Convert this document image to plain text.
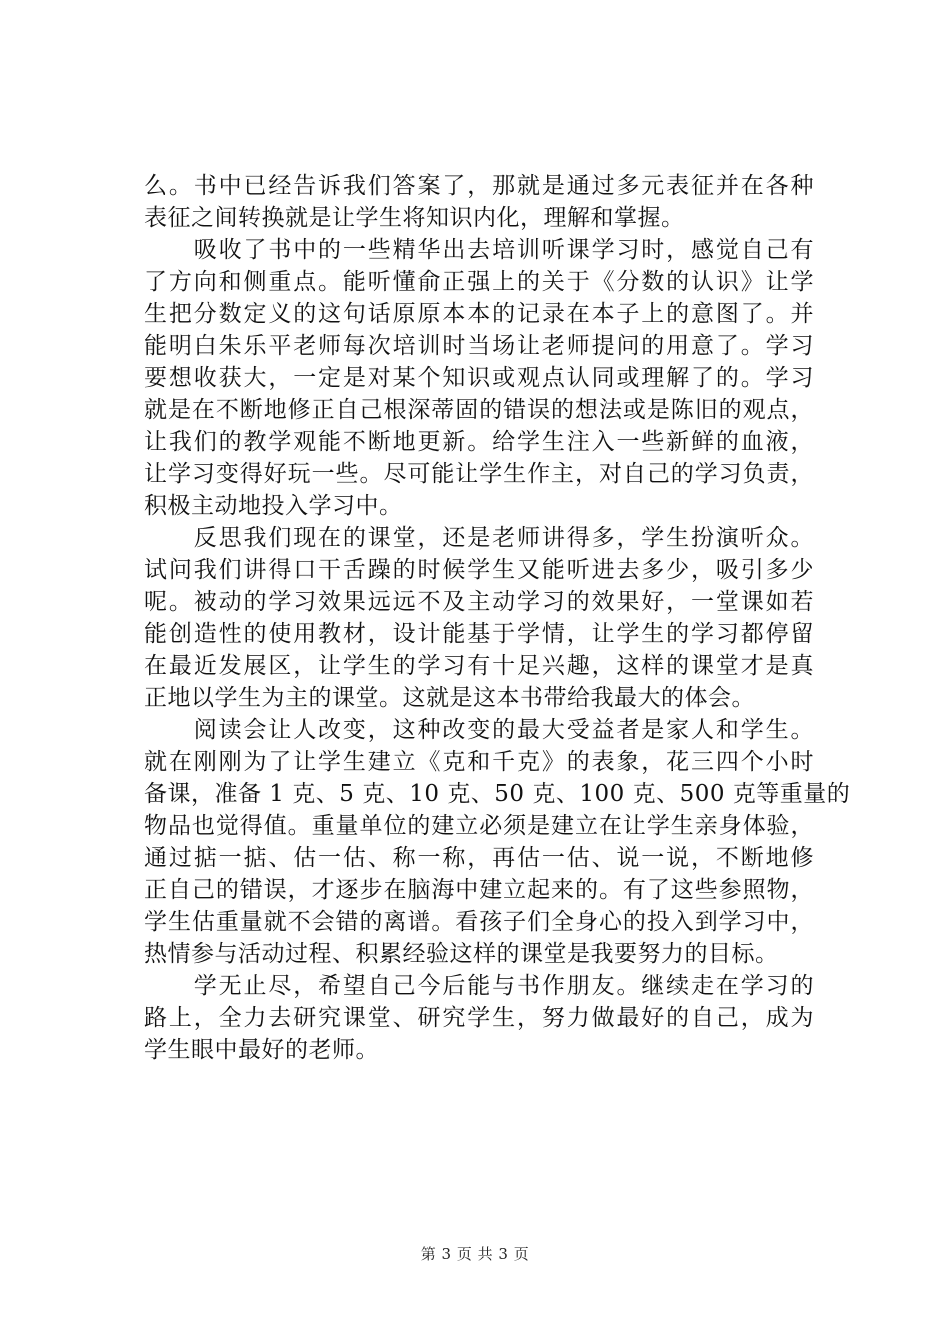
么。书中已经告诉我们答案了，那就是通过多元表征并在各种
表征之间转换就是让学生将知识内化，理解和掌握。
　　吸收了书中的一些精华出去培训听课学习时，感觉自己有
了方向和侧重点。能听懂俞正强上的关于《分数的认识》让学
生把分数定义的这句话原原本本的记录在本子上的意图了。并
能明白朱乐平老师每次培训时当场让老师提问的用意了。学习
要想收获大，一定是对某个知识或观点认同或理解了的。学习
就是在不断地修正自己根深蒂固的错误的想法或是陈旧的观点，
让我们的教学观能不断地更新。给学生注入一些新鲜的血液，
让学习变得好玩一些。尽可能让学生作主，对自己的学习负责，
积极主动地投入学习中。
　　反思我们现在的课堂，还是老师讲得多，学生扮演听众。
试问我们讲得口干舌躁的时候学生又能听进去多少，吸引多少
呢。被动的学习效果远远不及主动学习的效果好，一堂课如若
能创造性的使用教材，设计能基于学情，让学生的学习都停留
在最近发展区，让学生的学习有十足兴趣，这样的课堂才是真
正地以学生为主的课堂。这就是这本书带给我最大的体会。
　　阅读会让人改变，这种改变的最大受益者是家人和学生。
就在刚刚为了让学生建立《克和千克》的表象，花三四个小时
备课，准备 1 克、5 克、10 克、50 克、100 克、500 克等重量的
物品也觉得值。重量单位的建立必须是建立在让学生亲身体验，
通过掂一掂、估一估、称一称，再估一估、说一说，不断地修
正自己的错误，才逐步在脑海中建立起来的。有了这些参照物，
学生估重量就不会错的离谱。看孩子们全身心的投入到学习中，
热情参与活动过程、积累经验这样的课堂是我要努力的目标。
　　学无止尽，希望自己今后能与书作朋友。继续走在学习的
路上，全力去研究课堂、研究学生，努力做最好的自己，成为
学生眼中最好的老师。
第 3 页 共 3 页
